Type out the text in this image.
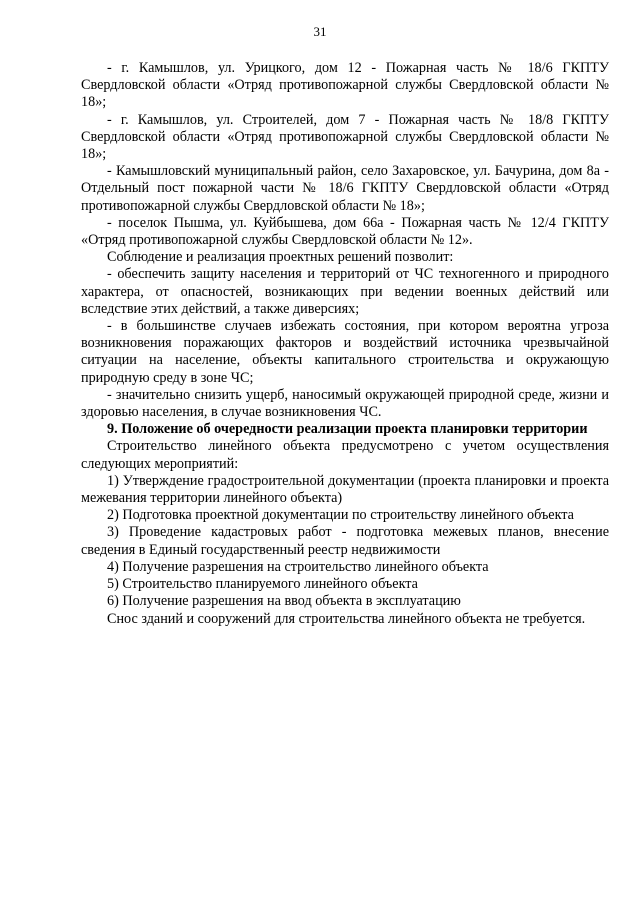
31

- г. Камышлов, ул. Урицкого, дом 12 - Пожарная часть № 18/6 ГКПТУ Свердловской области «Отряд противопожарной службы Свердловской области № 18»;

- г. Камышлов, ул. Строителей, дом 7 - Пожарная часть № 18/8 ГКПТУ Свердловской области «Отряд противопожарной службы Свердловской области № 18»;

- Камышловский муниципальный район, село Захаровское, ул. Бачурина, дом 8а - Отдельный пост пожарной части № 18/6 ГКПТУ Свердловской области «Отряд противопожарной службы Свердловской области № 18»;

- поселок Пышма, ул. Куйбышева, дом 66а - Пожарная часть № 12/4 ГКПТУ «Отряд противопожарной службы Свердловской области № 12».

Соблюдение и реализация проектных решений позволит:

- обеспечить защиту населения и территорий от ЧС техногенного и природного характера, от опасностей, возникающих при ведении военных действий или вследствие этих действий, а также диверсиях;

- в большинстве случаев избежать состояния, при котором вероятна угроза возникновения поражающих факторов и воздействий источника чрезвычайной ситуации на население, объекты капитального строительства и окружающую природную среду в зоне ЧС;

- значительно снизить ущерб, наносимый окружающей природной среде, жизни и здоровью населения, в случае возникновения ЧС.

9. Положение об очередности реализации проекта планировки территории

Строительство линейного объекта предусмотрено с учетом осуществления следующих мероприятий:

1) Утверждение градостроительной документации (проекта планировки и проекта межевания территории линейного объекта)

2) Подготовка проектной документации по строительству линейного объекта

3) Проведение кадастровых работ - подготовка межевых планов, внесение сведения в Единый государственный реестр недвижимости

4) Получение разрешения на строительство линейного объекта

5) Строительство планируемого линейного объекта

6) Получение разрешения на ввод объекта в эксплуатацию

Снос зданий и сооружений для строительства линейного объекта не требуется.
